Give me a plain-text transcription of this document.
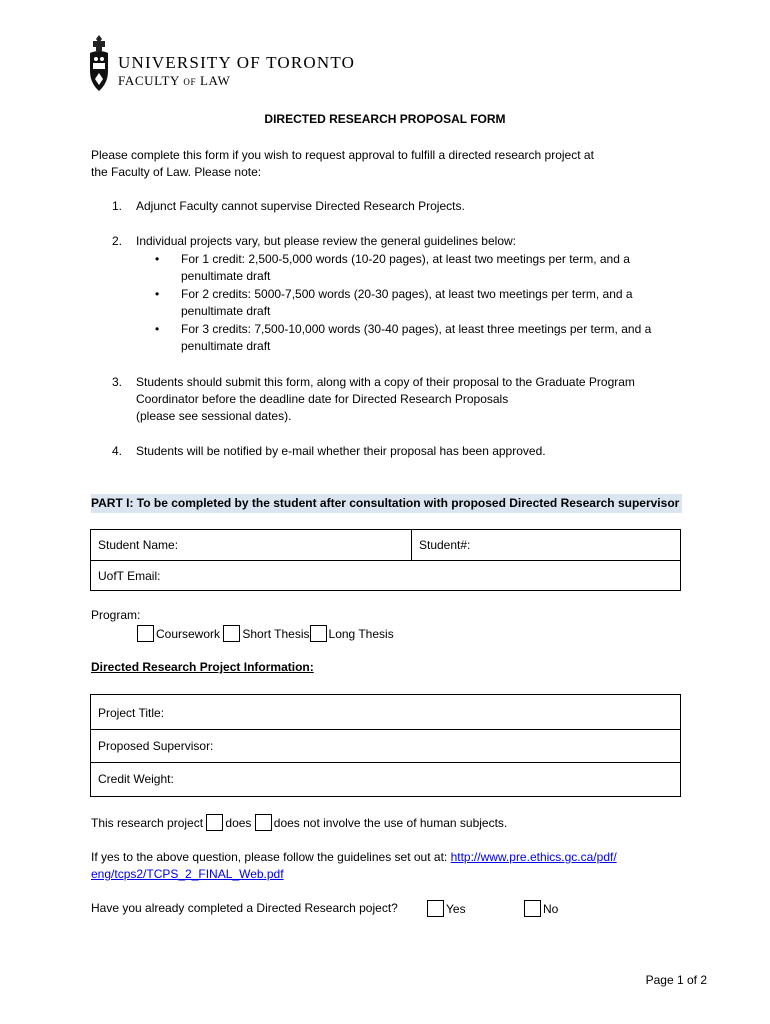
UNIVERSITY OF TORONTO
FACULTY OF LAW
DIRECTED RESEARCH PROPOSAL FORM
Please complete this form if you wish to request approval to fulfill a directed research project at
the Faculty of Law. Please note:
1. Adjunct Faculty cannot supervise Directed Research Projects.
2. Individual projects vary, but please review the general guidelines below:
• For 1 credit: 2,500-5,000 words (10-20 pages), at least two meetings per term, and a
penultimate draft
• For 2 credits: 5000-7,500 words (20-30 pages), at least two meetings per term, and a
penultimate draft
• For 3 credits: 7,500-10,000 words (30-40 pages), at least three meetings per term, and a
penultimate draft
3. Students should submit this form, along with a copy of their proposal to the Graduate Program
Coordinator before the deadline date for Directed Research Proposals
(please see sessional dates).
4. Students will be notified by e-mail whether their proposal has been approved.
PART I: To be completed by the student after consultation with proposed Directed Research supervisor
Student Name:	Student#:
UofT Email:
Program:
Coursework Short Thesis Long Thesis
Directed Research Project Information:
Project Title:
Proposed Supervisor:
Credit Weight:
This research project does does not involve the use of human subjects.
If yes to the above question, please follow the guidelines set out at: http://www.pre.ethics.gc.ca/pdf/
eng/tcps2/TCPS_2_FINAL_Web.pdf
Have you already completed a Directed Research poject?	Yes	No
Page 1 of 2
